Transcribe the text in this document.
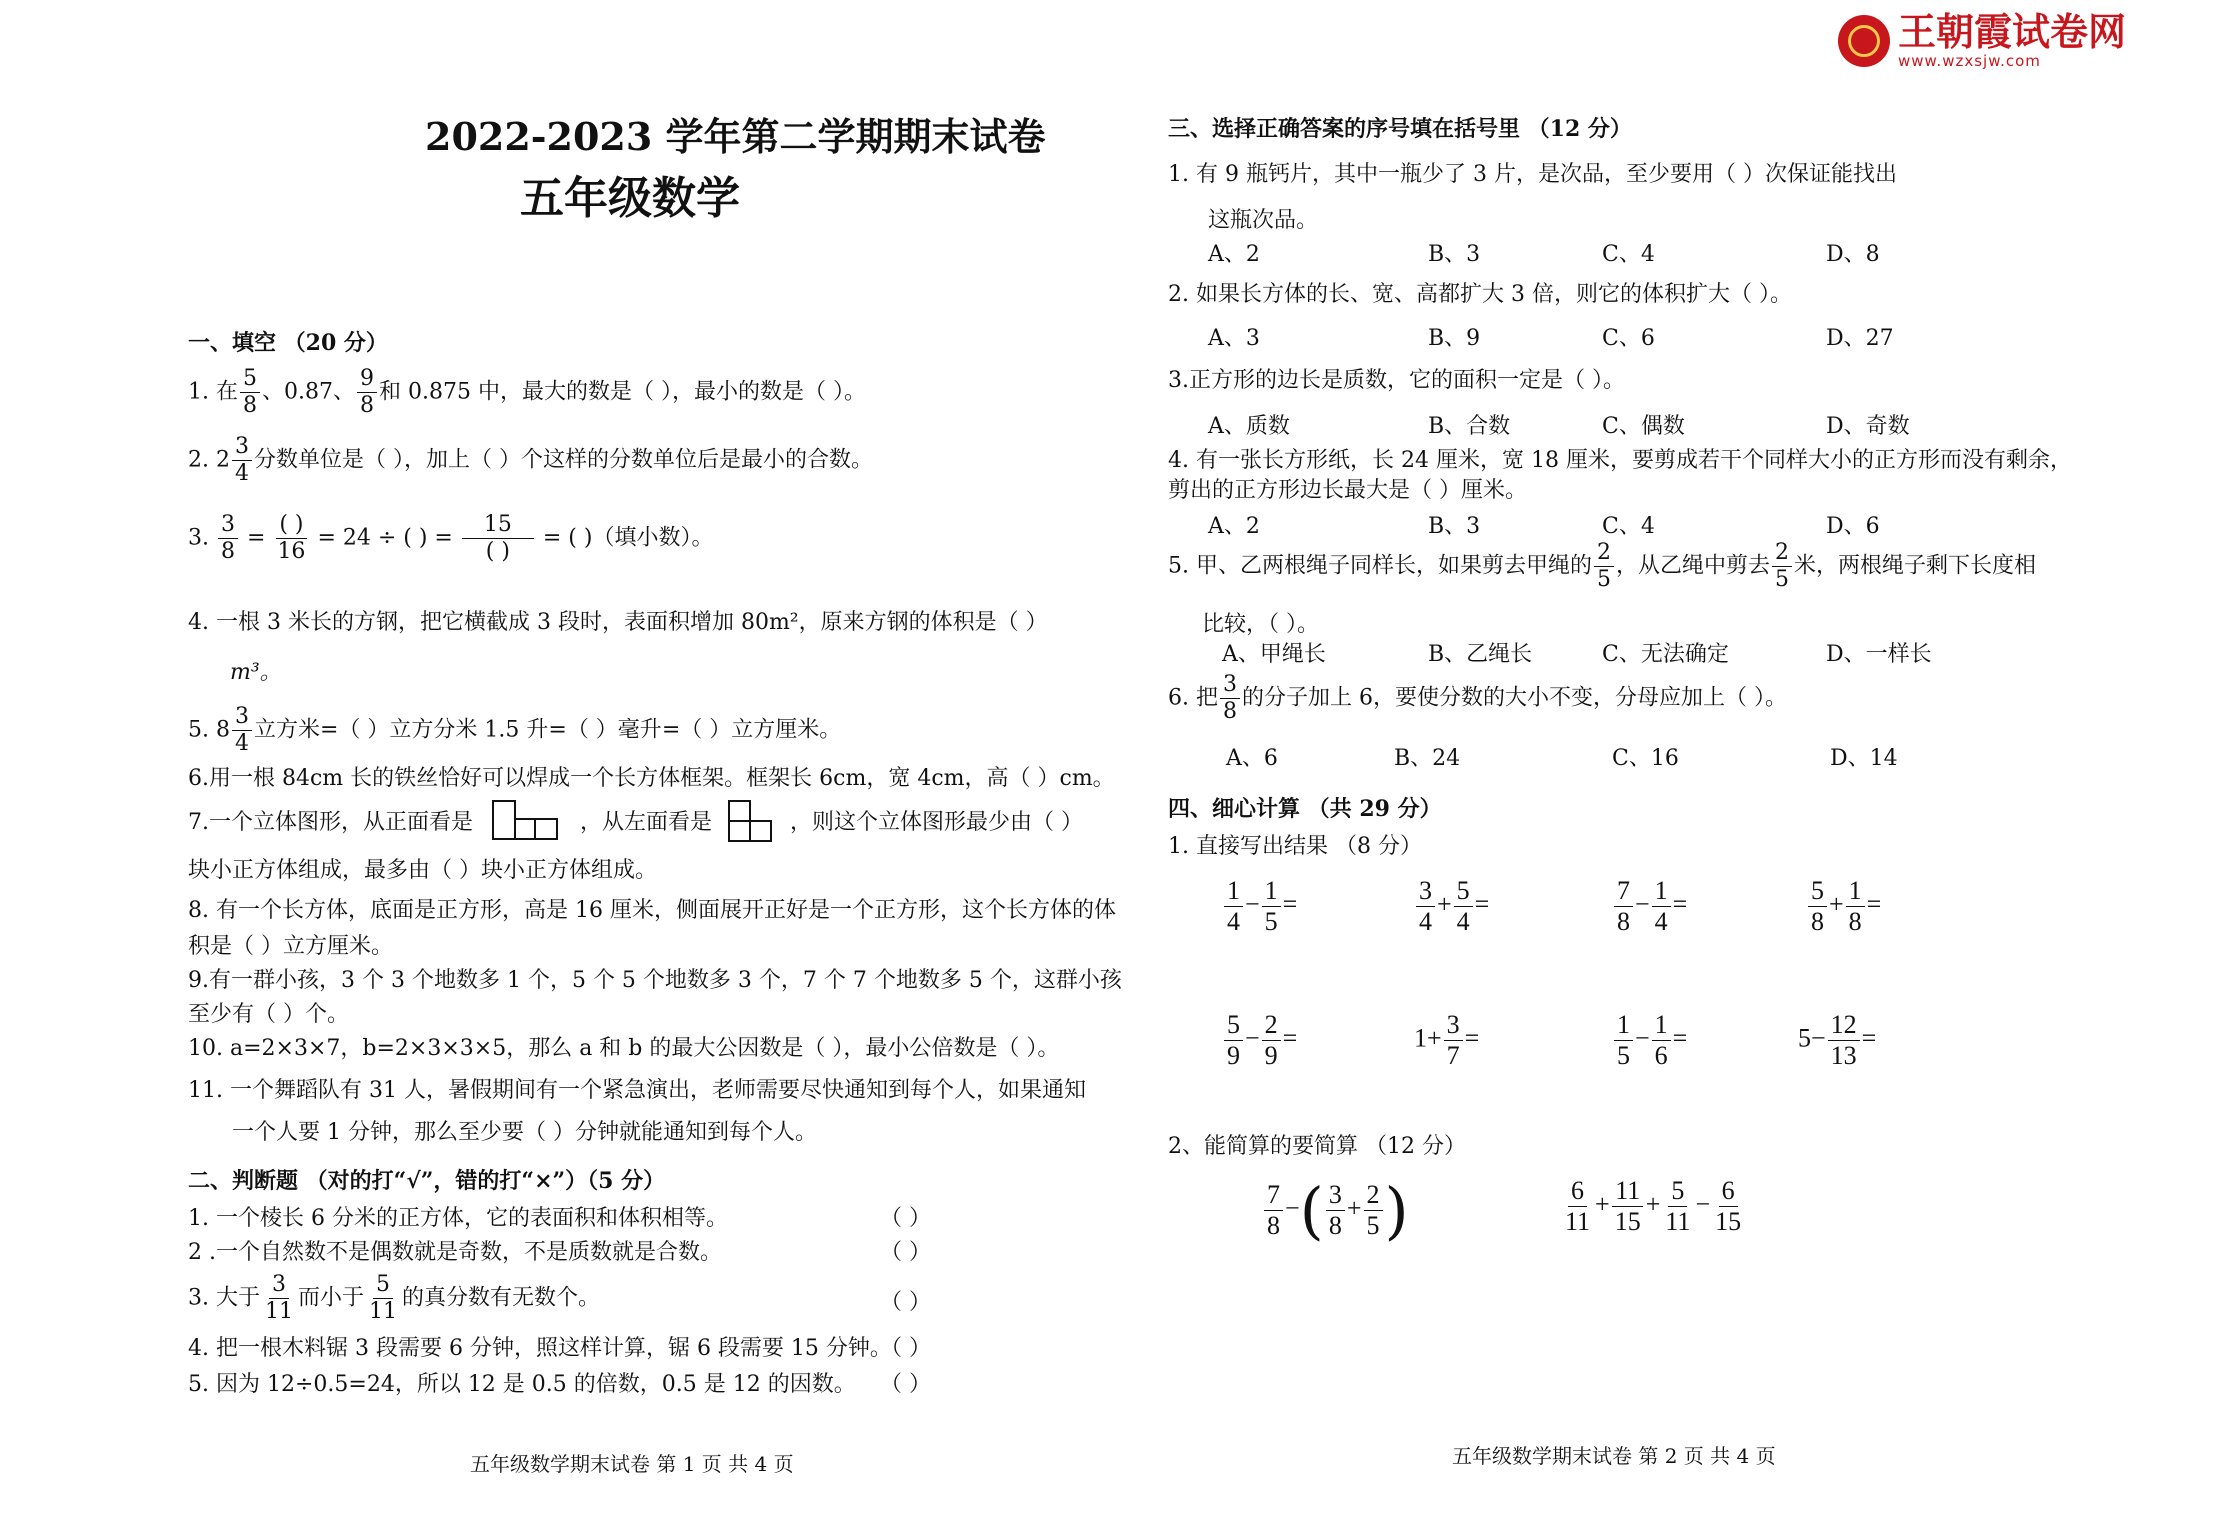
王朝霞试卷网
www.wzxsjw.com
2022-2023 学年第二学期期末试卷
五年级数学
一、填空 （20 分）
1. 在 $\frac{5}{8}$ 、0.87、 $\frac{9}{8}$ 和 0.875 中，最大的数是（ ），最小的数是（ ）。
2. $2 \frac{3}{4}$ 分数单位是（ ），加上（ ）个这样的分数单位后是最小的合数。
3. $\frac{3}{8} = \frac{( )}{16} = 24$ ÷ ( ) = $\frac{15}{( )}$ = ( )（填小数）。
4. 一根 3 米长的方钢，把它横截成 3 段时，表面积增加 80m²，原来方钢的体积是（ ）
m³。
5. $8 \frac{3}{4}$ 立方米=（ ）立方分米 1.5 升=（ ）毫升=（ ）立方厘米。
6.用一根 84cm 长的铁丝恰好可以焊成一个长方体框架。框架长 6cm，宽 4cm，高（ ）cm。
7.一个立体图形，从正面看是	，从左面看是	，则这个立体图形最少由（ ）
块小正方体组成，最多由（ ）块小正方体组成。
8. 有一个长方体，底面是正方形，高是 16 厘米，侧面展开正好是一个正方形，这个长方体的体
积是（ ）立方厘米。
9.有一群小孩，3 个 3 个地数多 1 个，5 个 5 个地数多 3 个，7 个 7 个地数多 5 个，这群小孩
至少有（ ）个。
10. a=2×3×7，b=2×3×3×5，那么 a 和 b 的最大公因数是（ ），最小公倍数是（ ）。
11. 一个舞蹈队有 31 人，暑假期间有一个紧急演出，老师需要尽快通知到每个人，如果通知
一个人要 1 分钟，那么至少要（ ）分钟就能通知到每个人。
二、判断题 （对的打“√”，错的打“×”）（5 分）
1. 一个棱长 6 分米的正方体，它的表面积和体积相等。	（ ）
2 .一个自然数不是偶数就是奇数，不是质数就是合数。	（ ）
3. 大于 $\frac{3}{11}$ 而小于 $\frac{5}{11}$ 的真分数有无数个。	（ ）
4. 把一根木料锯 3 段需要 6 分钟，照这样计算，锯 6 段需要 15 分钟。
（ ）
5. 因为 12÷0.5=24，所以 12 是 0.5 的倍数，0.5 是 12 的因数。 （ ）
五年级数学期末试卷 第 1 页 共 4 页
三、选择正确答案的序号填在括号里 （12 分）
1. 有 9 瓶钙片，其中一瓶少了 3 片，是次品，至少要用（ ）次保证能找出
这瓶次品。
A、2	B、3	C、4	D、8
2. 如果长方体的长、宽、高都扩大 3 倍，则它的体积扩大（ ）。
A、3	B、9	C、6	D、27
3.正方形的边长是质数，它的面积一定是（ ）。
A、质数	B、合数	C、偶数	D、奇数
4. 有一张长方形纸，长 24 厘米，宽 18 厘米，要剪成若干个同样大小的正方形而没有剩余，
剪出的正方形边长最大是（ ）厘米。
A、2	B、3	C、4	D、6
5. 甲、乙两根绳子同样长，如果剪去甲绳的 $\frac{2}{5}$ ，从乙绳中剪去 $\frac{2}{5}$ 米，两根绳子剩下长度相
比较，（ ）。
A、甲绳长	B、乙绳长	C、无法确定	D、一样长
6. 把 $\frac{3}{8}$ 的分子加上 6，要使分数的大小不变，分母应加上（ ）。
A、6	B、24	C、16	D、14
四、细心计算 （共 29 分）
1. 直接写出结果 （8 分）
$\frac{1}{4} - \frac{1}{5}$ =	$\frac{3}{4} + \frac{5}{4}$ =	$\frac{7}{8} - \frac{1}{4}$ =	$\frac{5}{8} + \frac{1}{8}$ =
$\frac{5}{9} - \frac{2}{9}$ =	$1+ \frac{3}{7}$ =	$\frac{1}{5} - \frac{1}{6}$ =	$5- \frac{12}{13}$ =
2、能简算的要简算 （12 分）
$\frac{7}{8}$ −( $\frac{3}{8} + \frac{2}{5}$ )	$\frac{6}{11} + \frac{11}{15} + \frac{5}{11} - \frac{6}{15}$
五年级数学期末试卷 第 2 页 共 4 页
